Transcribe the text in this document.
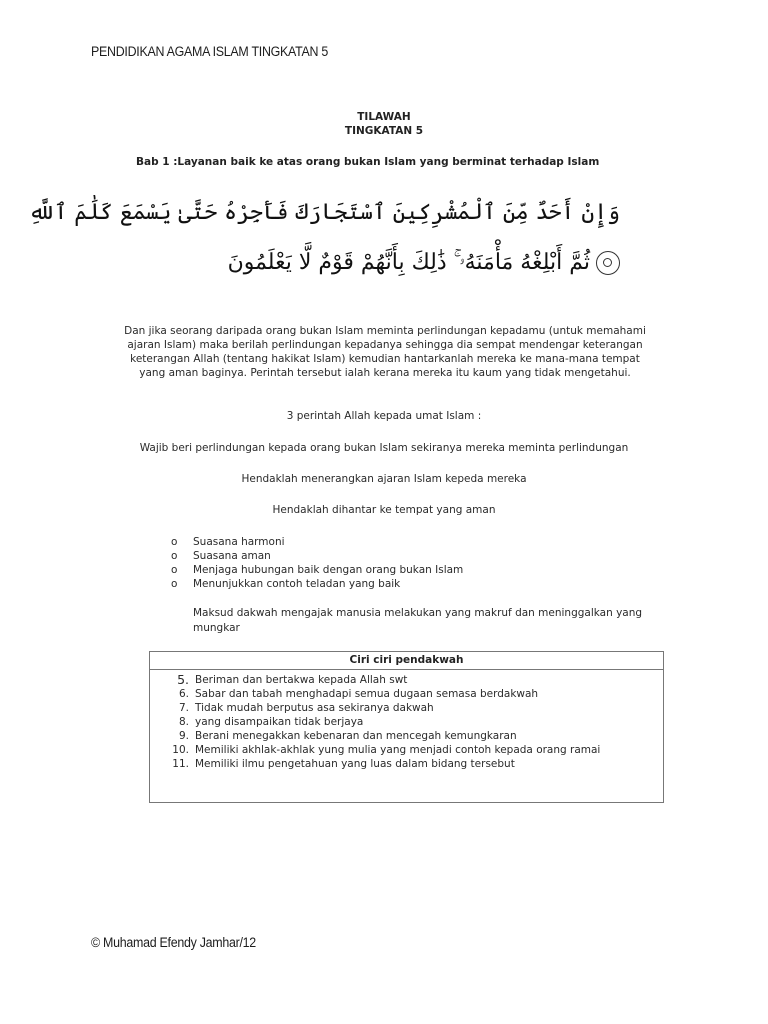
PENDIDIKAN AGAMA ISLAM TINGKATAN 5
TILAWAH
TINGKATAN 5
Bab 1 :Layanan baik ke atas orang bukan Islam yang berminat terhadap Islam
وَإِنْ أَحَدٌ مِّنَ ٱلْمُشْرِكِينَ ٱسْتَجَارَكَ فَأَجِرْهُ حَتَّىٰ يَسْمَعَ كَلَٰمَ ٱللَّهِ
ثُمَّ أَبْلِغْهُ مَأْمَنَهُۥ ۚ ذَٰلِكَ بِأَنَّهُمْ قَوْمٌ لَّا يَعْلَمُونَ
Dan jika seorang daripada orang bukan Islam meminta perlindungan kepadamu (untuk memahami ajaran Islam) maka berilah perlindungan kepadanya sehingga dia sempat mendengar keterangan keterangan Allah (tentang hakikat Islam) kemudian hantarkanlah mereka ke mana-mana tempat yang aman baginya. Perintah tersebut ialah kerana mereka itu kaum yang tidak mengetahui.
3 perintah Allah kepada umat Islam :
Wajib beri perlindungan kepada orang bukan Islam sekiranya mereka meminta perlindungan
Hendaklah menerangkan ajaran Islam kepeda mereka
Hendaklah dihantar ke tempat yang aman
o	Suasana harmoni
o	Suasana aman
o	Menjaga hubungan baik dengan orang bukan Islam
o	Menunjukkan contoh teladan yang baik
Maksud dakwah mengajak manusia melakukan yang makruf dan meninggalkan yang mungkar
Ciri ciri pendakwah
5. Beriman dan bertakwa kepada Allah swt
6. Sabar dan tabah menghadapi semua dugaan semasa berdakwah
7. Tidak mudah berputus asa sekiranya dakwah
8. yang disampaikan tidak berjaya
9. Berani menegakkan kebenaran dan mencegah kemungkaran
10. Memiliki akhlak-akhlak yung mulia yang menjadi contoh kepada orang ramai
11. Memiliki ilmu pengetahuan yang luas dalam bidang tersebut
© Muhamad Efendy Jamhar/12
